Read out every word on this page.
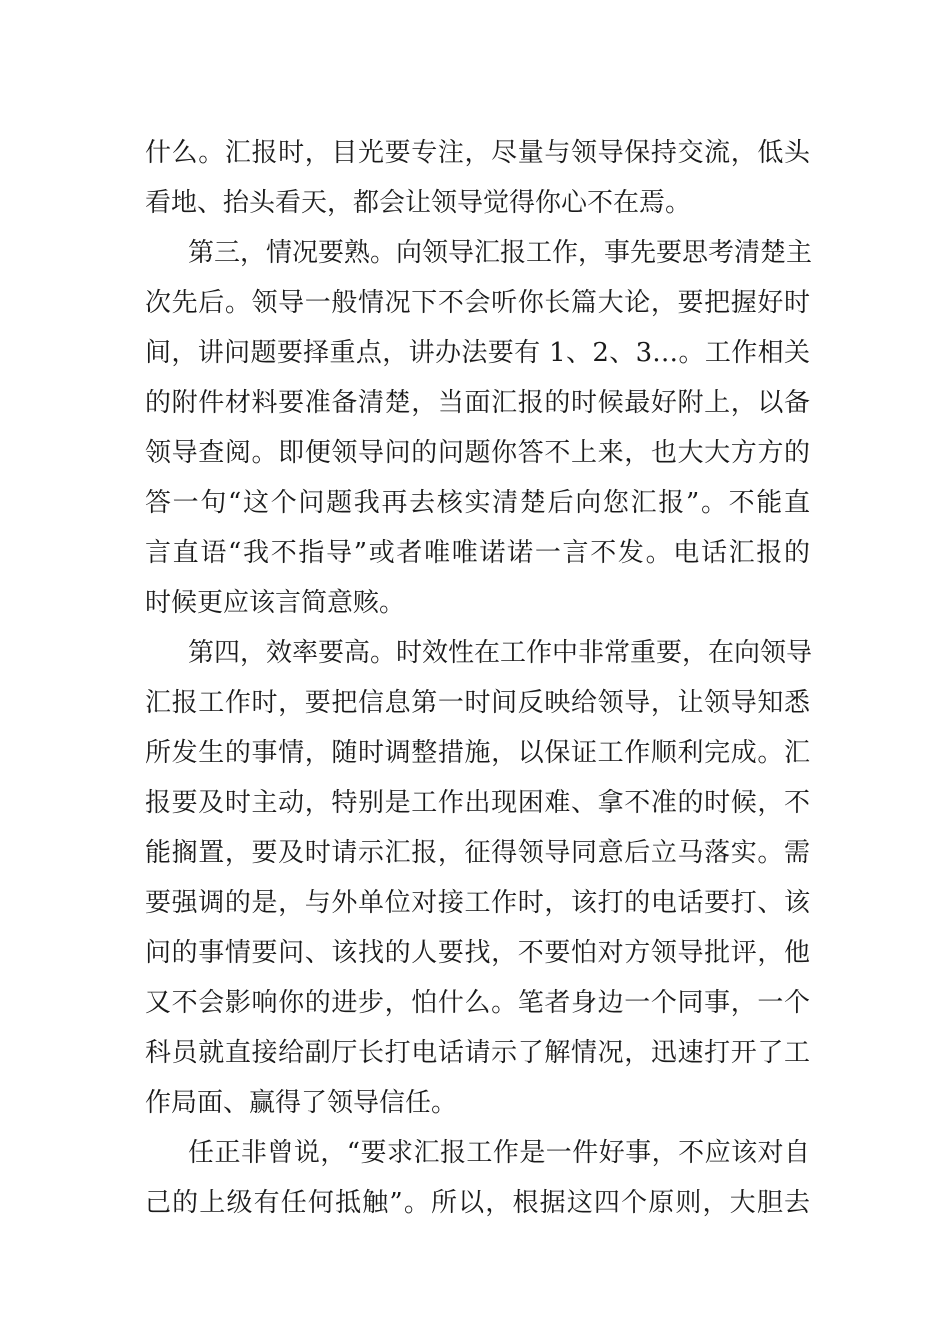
什么。汇报时，目光要专注，尽量与领导保持交流，低头
看地、抬头看天，都会让领导觉得你心不在焉。
第三，情况要熟。向领导汇报工作，事先要思考清楚主
次先后。领导一般情况下不会听你长篇大论，要把握好时
间，讲问题要择重点，讲办法要有 1、2、3…。工作相关
的附件材料要准备清楚，当面汇报的时候最好附上，以备
领导查阅。即便领导问的问题你答不上来，也大大方方的
答一句“这个问题我再去核实清楚后向您汇报”。不能直
言直语“我不指导”或者唯唯诺诺一言不发。电话汇报的
时候更应该言简意赅。
第四，效率要高。时效性在工作中非常重要，在向领导
汇报工作时，要把信息第一时间反映给领导，让领导知悉
所发生的事情，随时调整措施，以保证工作顺利完成。汇
报要及时主动，特别是工作出现困难、拿不准的时候，不
能搁置，要及时请示汇报，征得领导同意后立马落实。需
要强调的是，与外单位对接工作时，该打的电话要打、该
问的事情要问、该找的人要找，不要怕对方领导批评，他
又不会影响你的进步，怕什么。笔者身边一个同事，一个
科员就直接给副厅长打电话请示了解情况，迅速打开了工
作局面、赢得了领导信任。
任正非曾说，“要求汇报工作是一件好事，不应该对自
己的上级有任何抵触”。所以，根据这四个原则，大胆去
